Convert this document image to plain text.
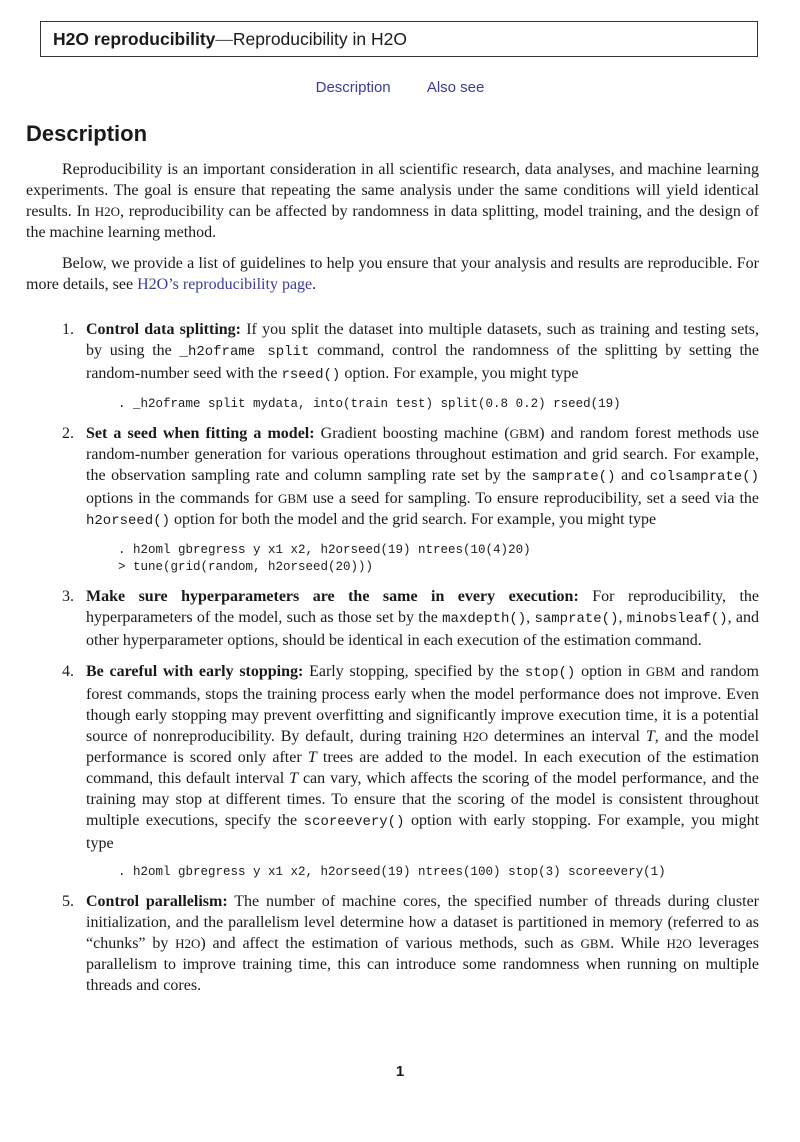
H2O reproducibility — Reproducibility in H2O
Description Also see
Description

Reproducibility is an important consideration in all scientific research, data analyses, and machine learning experiments. The goal is ensure that repeating the same analysis under the same conditions will yield identical results. In H2O, reproducibility can be affected by randomness in data splitting, model training, and the design of the machine learning method.

Below, we provide a list of guidelines to help you ensure that your analysis and results are reproducible. For more details, see H2O’s reproducibility page.

1. Control data splitting: If you split the dataset into multiple datasets, such as training and testing sets, by using the _h2oframe split command, control the randomness of the splitting by setting the random-number seed with the rseed() option. For example, you might type
. _h2oframe split mydata, into(train test) split(0.8 0.2) rseed(19)
2. Set a seed when fitting a model: Gradient boosting machine (GBM) and random forest methods use random-number generation for various operations throughout estimation and grid search. For example, the observation sampling rate and column sampling rate set by the samprate() and colsamprate() options in the commands for GBM use a seed for sampling. To ensure reproducibility, set a seed via the h2orseed() option for both the model and the grid search. For example, you might type
. h2oml gbregress y x1 x2, h2orseed(19) ntrees(10(4)20)
> tune(grid(random, h2orseed(20)))
3. Make sure hyperparameters are the same in every execution: For reproducibility, the hyperparameters of the model, such as those set by the maxdepth(), samprate(), minobsleaf(), and other hyperparameter options, should be identical in each execution of the estimation command.
4. Be careful with early stopping: Early stopping, specified by the stop() option in GBM and random forest commands, stops the training process early when the model performance does not improve. Even though early stopping may prevent overfitting and significantly improve execution time, it is a potential source of nonreproducibility. By default, during training H2O determines an interval T, and the model performance is scored only after T trees are added to the model. In each execution of the estimation command, this default interval T can vary, which affects the scoring of the model performance, and the training may stop at different times. To ensure that the scoring of the model is consistent throughout multiple executions, specify the scoreevery() option with early stopping. For example, you might type
. h2oml gbregress y x1 x2, h2orseed(19) ntrees(100) stop(3) scoreevery(1)
5. Control parallelism: The number of machine cores, the specified number of threads during cluster initialization, and the parallelism level determine how a dataset is partitioned in memory (referred to as “chunks” by H2O) and affect the estimation of various methods, such as GBM. While H2O leverages parallelism to improve training time, this can introduce some randomness when running on multiple threads and cores.
1
